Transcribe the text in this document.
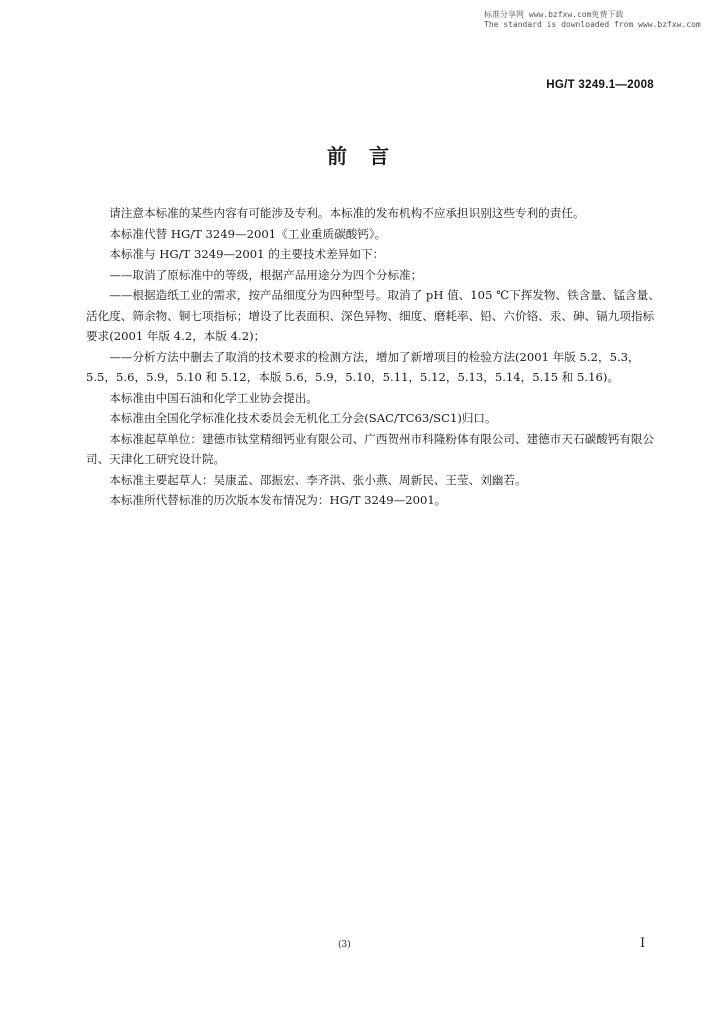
标准分享网 www.bzfxw.com免费下载
The standard is downloaded from www.bzfxw.com
HG/T 3249.1—2008
前言

请注意本标准的某些内容有可能涉及专利。本标准的发布机构不应承担识别这些专利的责任。

本标准代替 HG/T 3249—2001《工业重质碳酸钙》。

本标准与 HG/T 3249—2001 的主要技术差异如下：

——取消了原标准中的等级，根据产品用途分为四个分标准；

——根据造纸工业的需求，按产品细度分为四种型号。取消了 pH 值、105 ℃下挥发物、铁含量、锰含量、活化度、筛余物、铜七项指标；增设了比表面积、深色异物、细度、磨耗率、铅、六价铬、汞、砷、镉九项指标要求(2001 年版 4.2，本版 4.2)；

——分析方法中删去了取消的技术要求的检测方法，增加了新增项目的检验方法(2001 年版 5.2，5.3，5.5，5.6，5.9，5.10 和 5.12，本版 5.6，5.9，5.10，5.11，5.12，5.13，5.14，5.15 和 5.16)。

本标准由中国石油和化学工业协会提出。

本标准由全国化学标准化技术委员会无机化工分会(SAC/TC63/SC1)归口。

本标准起草单位：建德市钛堂精细钙业有限公司、广西贺州市科隆粉体有限公司、建德市天石碳酸钙有限公司、天津化工研究设计院。

本标准主要起草人：吴康孟、邵振宏、李齐洪、张小燕、周新民、王莹、刘幽若。

本标准所代替标准的历次版本发布情况为：HG/T 3249—2001。

(3)	I
